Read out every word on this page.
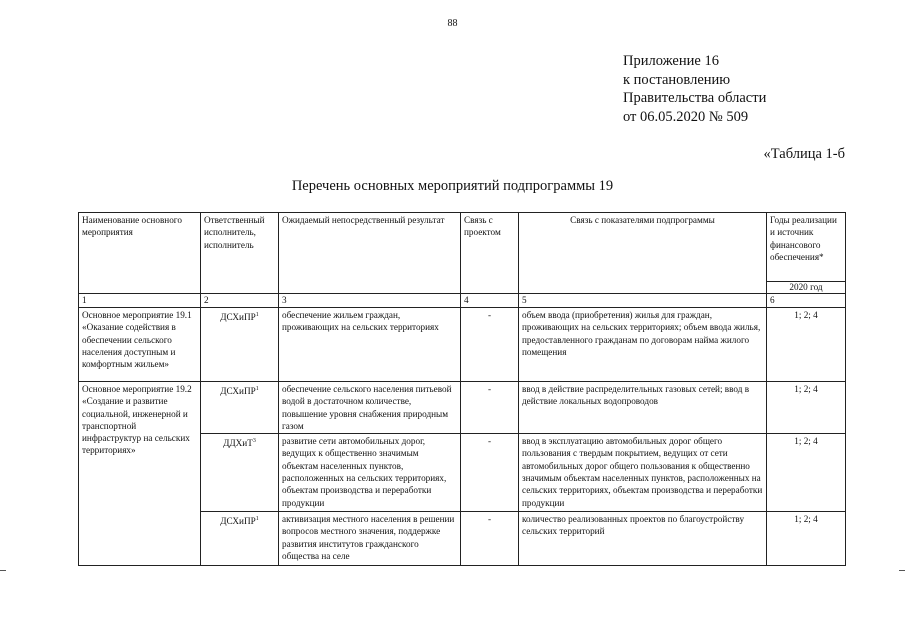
88
Приложение 16
к постановлению
Правительства области
от 06.05.2020 № 509
«Таблица 1-б
Перечень основных мероприятий подпрограммы 19
Наименование основного мероприятия	Ответственный исполнитель, исполнитель	Ожидаемый непосредственный результат	Связь с проектом	Связь с показателями подпрограммы	Годы реализации и источник финансового обеспечения*
2020 год

1	2	3	4	5	6
Основное мероприятие 19.1 «Оказание содействия в обеспечении сельского населения доступным и комфортным жильем»	ДСХиПР$^1$	обеспечение жильем граждан, проживающих на сельских территориях	-	объем ввода (приобретения) жилья для граждан, проживающих на сельских территориях; объем ввода жилья, предоставленного гражданам по договорам найма жилого помещения	1; 2; 4
Основное мероприятие 19.2 «Создание и развитие социальной, инженерной и транспортной инфраструктур на сельских территориях»	ДСХиПР$^1$	обеспечение сельского населения питьевой водой в достаточном количестве, повышение уровня снабжения природным газом	-	ввод в действие распределительных газовых сетей; ввод в действие локальных водопроводов	1; 2; 4
	ДДХиТ$^3$	развитие сети автомобильных дорог, ведущих к общественно значимым объектам населенных пунктов, расположенных на сельских территориях, объектам производства и переработки продукции	-	ввод в эксплуатацию автомобильных дорог общего пользования с твердым покрытием, ведущих от сети автомобильных дорог общего пользования к общественно значимым объектам населенных пунктов, расположенных на сельских территориях, объектам производства и переработки продукции	1; 2; 4
	ДСХиПР$^1$	активизация местного населения в решении вопросов местного значения, поддержке развития институтов гражданского общества на селе	-	количество реализованных проектов по благоустройству сельских территорий	1; 2; 4
